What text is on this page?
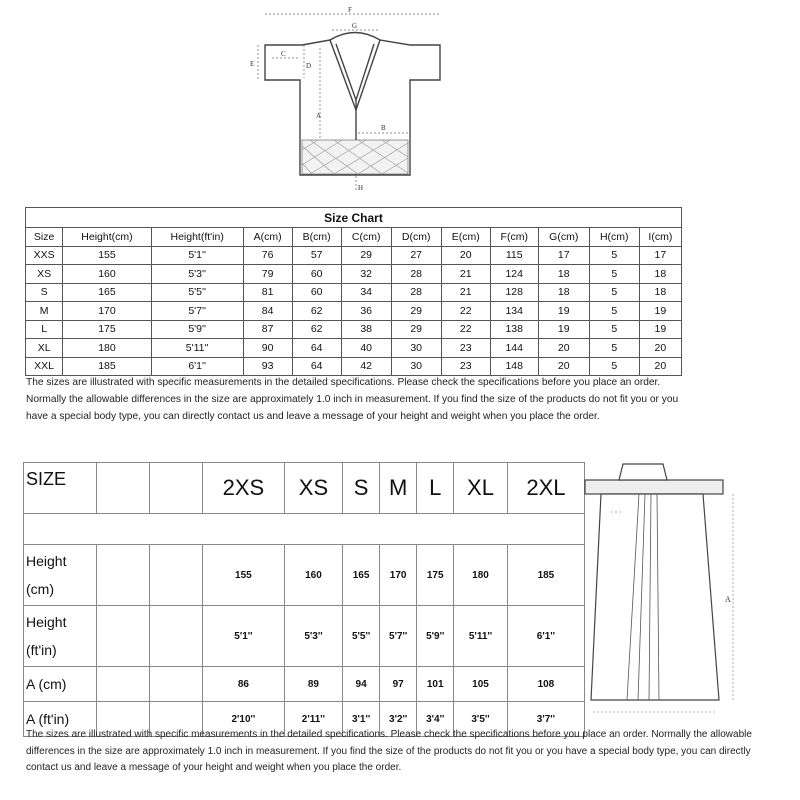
F
G
C
D
E
A
B
H
Size Chart											
Size	Height(cm)	Height(ft'in)	A(cm)	B(cm)	C(cm)	D(cm)	E(cm)	F(cm)	G(cm)	H(cm)	I(cm)
XXS	155	5'1''	76	57	29	27	20	115	17	5	17
XS	160	5'3''	79	60	32	28	21	124	18	5	18
S	165	5'5''	81	60	34	28	21	128	18	5	18
M	170	5'7''	84	62	36	29	22	134	19	5	19
L	175	5'9''	87	62	38	29	22	138	19	5	19
XL	180	5'11''	90	64	40	30	23	144	20	5	20
XXL	185	6'1''	93	64	42	30	23	148	20	5	20
The sizes are illustrated with specific measurements in the detailed specifications. Please check the specifications before you place an order. Normally the allowable differences in the size are approximately 1.0 inch in measurement. If you find the size of the products do not fit you or you have a special body type, you can directly contact us and leave a message of your height and weight when you place the order.
SIZE			2XS	XS	S	M	L	XL	2XL

Height
(cm)			155	160	165	170	175	180	185

Height
(ft'in)			5'1''	5'3''	5'5''	5'7''	5'9''	5'11''	6'1''

A (cm)			86	89	94	97	101	105	108

A (ft'in)			2'10''	2'11''	3'1''	3'2''	3'4''	3'5''	3'7''
The sizes are illustrated with specific measurements in the detailed specifications. Please check the specifications before you place an order. Normally the allowable differences in the size are approximately 1.0 inch in measurement. If you find the size of the products do not fit you or you have a special body type, you can directly contact us and leave a message of your height and weight when you place the order.
A
